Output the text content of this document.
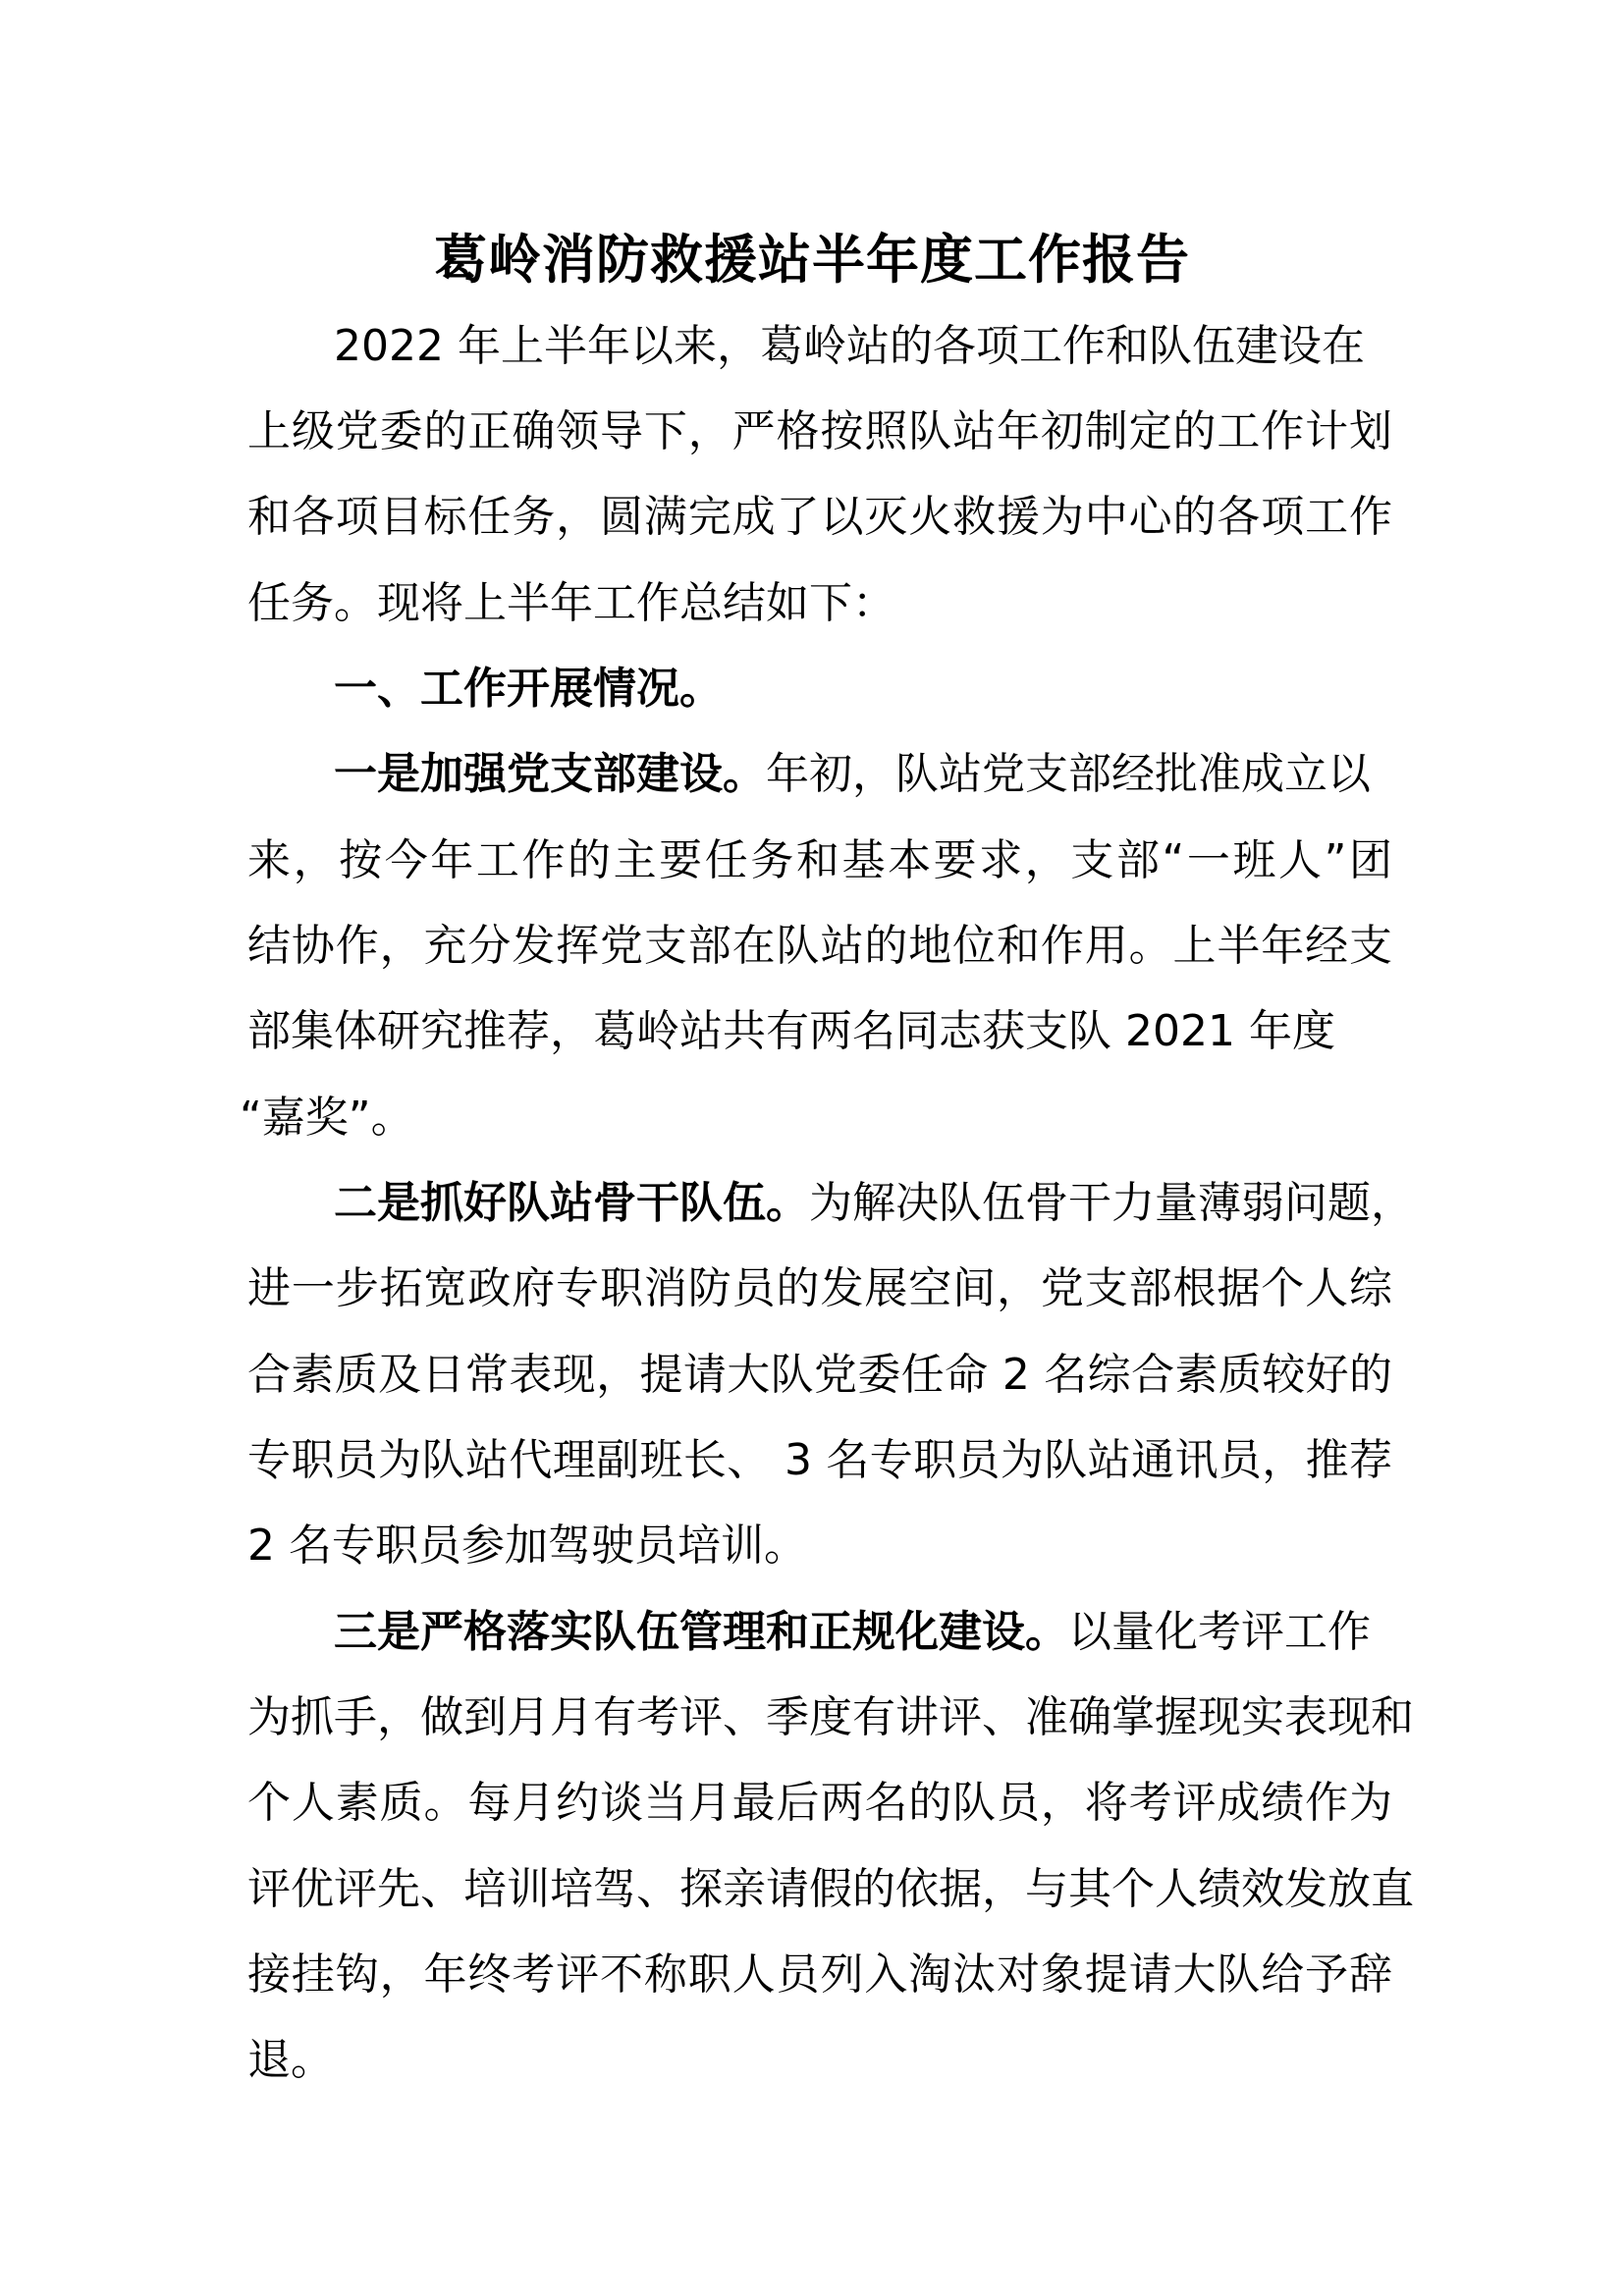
葛岭消防救援站半年度工作报告
2022 年上半年以来，葛岭站的各项工作和队伍建设在
上级党委的正确领导下，严格按照队站年初制定的工作计划
和各项目标任务，圆满完成了以灭火救援为中心的各项工作
任务。现将上半年工作总结如下：
一、工作开展情况。
一是加强党支部建设。年初，队站党支部经批准成立以
来，按今年工作的主要任务和基本要求，支部“一班人”团
结协作，充分发挥党支部在队站的地位和作用。上半年经支
部集体研究推荐，葛岭站共有两名同志获支队 2021 年度
“嘉奖”。
二是抓好队站骨干队伍。为解决队伍骨干力量薄弱问题，
进一步拓宽政府专职消防员的发展空间，党支部根据个人综
合素质及日常表现，提请大队党委任命 2 名综合素质较好的
专职员为队站代理副班长、 3 名专职员为队站通讯员，推荐
2 名专职员参加驾驶员培训。
三是严格落实队伍管理和正规化建设。以量化考评工作
为抓手，做到月月有考评、季度有讲评、准确掌握现实表现和
个人素质。每月约谈当月最后两名的队员，将考评成绩作为
评优评先、培训培驾、探亲请假的依据，与其个人绩效发放直
接挂钩，年终考评不称职人员列入淘汰对象提请大队给予辞
退。
